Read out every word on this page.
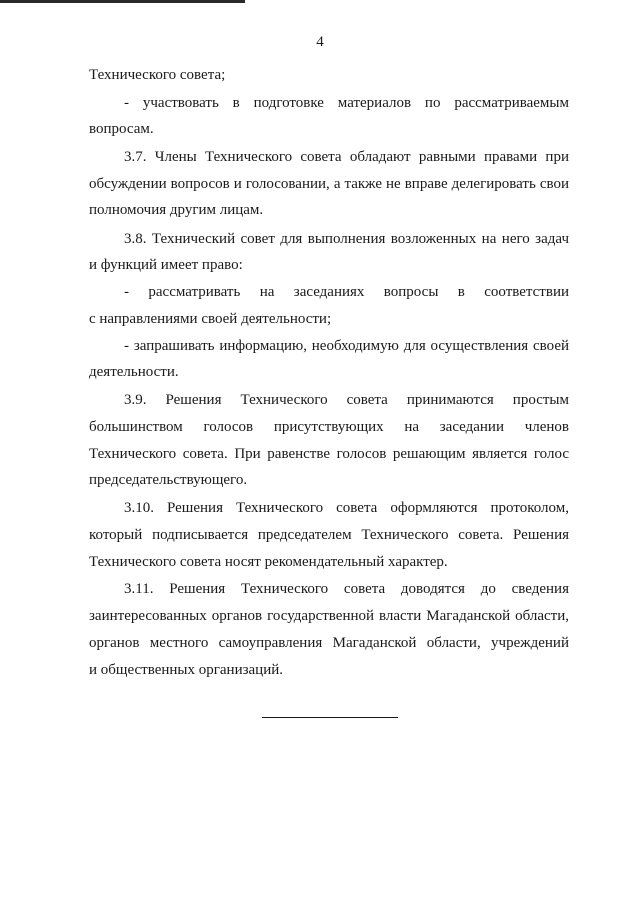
4
Технического совета;
- участвовать в подготовке материалов по рассматриваемым
вопросам.
3.7. Члены Технического совета обладают равными правами при
обсуждении вопросов и голосовании, а также не вправе делегировать свои
полномочия другим лицам.
3.8. Технический совет для выполнения возложенных на него задач
и функций имеет право:
- рассматривать на заседаниях вопросы в соответствии
с направлениями своей деятельности;
- запрашивать информацию, необходимую для осуществления своей
деятельности.
3.9. Решения Технического совета принимаются простым
большинством голосов присутствующих на заседании членов
Технического совета. При равенстве голосов решающим является голос
председательствующего.
3.10. Решения Технического совета оформляются протоколом,
который подписывается председателем Технического совета. Решения
Технического совета носят рекомендательный характер.
3.11. Решения Технического совета доводятся до сведения
заинтересованных органов государственной власти Магаданской области,
органов местного самоуправления Магаданской области, учреждений
и общественных организаций.
